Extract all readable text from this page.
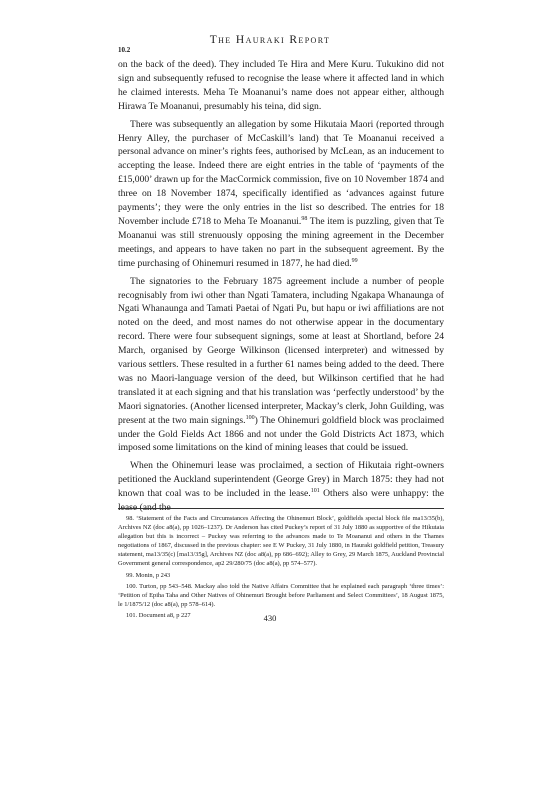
The Hauraki Report
10.2

on the back of the deed). They included Te Hira and Mere Kuru. Tukukino did not sign and subsequently refused to recognise the lease where it affected land in which he claimed interests. Meha Te Moananui’s name does not appear either, although Hirawa Te Moananui, presumably his teina, did sign.

There was subsequently an allegation by some Hikutaia Maori (reported through Henry Alley, the purchaser of McCaskill’s land) that Te Moananui received a personal advance on miner’s rights fees, authorised by McLean, as an inducement to accepting the lease. Indeed there are eight entries in the table of ‘payments of the £15,000’ drawn up for the MacCormick commission, five on 10 November 1874 and three on 18 November 1874, specifically identified as ‘advances against future payments’; they were the only entries in the list so described. The entries for 18 November include £718 to Meha Te Moananui.$^{98}$ The item is puzzling, given that Te Moananui was still strenuously opposing the mining agreement in the December meetings, and appears to have taken no part in the subsequent agreement. By the time purchasing of Ohinemuri resumed in 1877, he had died.$^{99}$

The signatories to the February 1875 agreement include a number of people recognisably from iwi other than Ngati Tamatera, including Ngakapa Whanaunga of Ngati Whanaunga and Tamati Paetai of Ngati Pu, but hapu or iwi affiliations are not noted on the deed, and most names do not otherwise appear in the documentary record. There were four subsequent signings, some at least at Shortland, before 24 March, organised by George Wilkinson (licensed interpreter) and witnessed by various settlers. These resulted in a further 61 names being added to the deed. There was no Maori-language version of the deed, but Wilkinson certified that he had translated it at each signing and that his translation was ‘perfectly understood’ by the Maori signatories. (Another licensed interpreter, Mackay’s clerk, John Guilding, was present at the two main signings.$^{100}$) The Ohinemuri goldfield block was proclaimed under the Gold Fields Act 1866 and not under the Gold Districts Act 1873, which imposed some limitations on the kind of mining leases that could be issued.

When the Ohinemuri lease was proclaimed, a section of Hikutaia right-owners petitioned the Auckland superintendent (George Grey) in March 1875: they had not known that coal was to be included in the lease.$^{101}$ Others also were unhappy: the lease (and the

98. ‘Statement of the Facts and Circumstances Affecting the Ohinemuri Block’, goldfields special block file ma13/35(b), Archives NZ (doc a8(a), pp 1026–1237). Dr Anderson has cited Puckey’s report of 31 July 1880 as supportive of the Hikutaia allegation but this is incorrect – Puckey was referring to the advances made to Te Moananui and others in the Thames negotiations of 1867, discussed in the previous chapter: see E W Puckey, 31 July 1880, in Hauraki goldfield petition, Treasury statement, ma13/35(c) [ma13/35g], Archives NZ (doc a8(a), pp 686–692); Alley to Grey, 29 March 1875, Auckland Provincial Government general correspondence, ap2 29/280/75 (doc a8(a), pp 574–577).

99. Monin, p 243

100. Turton, pp 543–548. Mackay also told the Native Affairs Committee that he explained each paragraph ‘three times’: ‘Petition of Epiha Taha and Other Natives of Ohinemuri Brought before Parliament and Select Committees’, 18 August 1875, le 1/1875/12 (doc a8(a), pp 578–614).

101. Document a8, p 227	430
